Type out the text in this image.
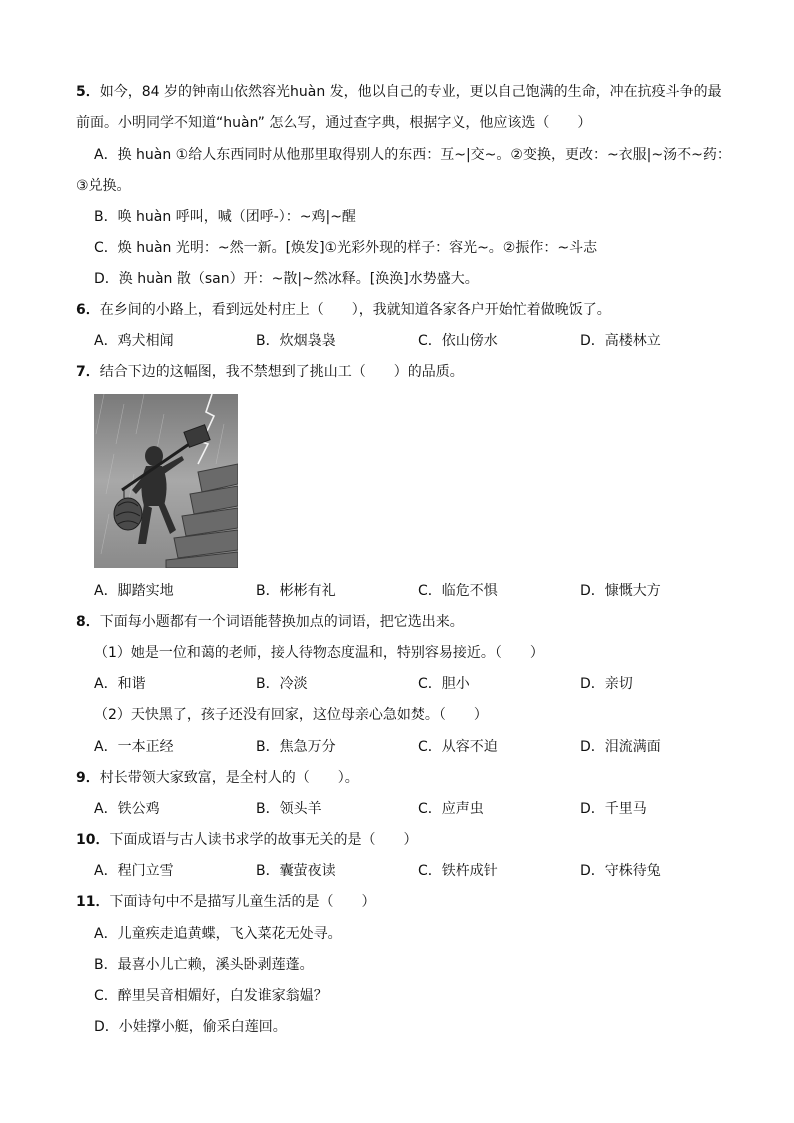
5．如今，84 岁的钟南山依然容光huàn 发，他以自己的专业，更以自己饱满的生命，冲在抗疫斗争的最
前面。小明同学不知道“huàn” 怎么写，通过查字典，根据字义，他应该选（　　）
A．换 huàn ①给人东西同时从他那里取得别人的东西：互~|交~。②变换，更改：~衣服|~汤不~药：
③兑换。
B．唤 huàn 呼叫，喊（团呼-）：~鸡|~醒
C．焕 huàn 光明：~然一新。[焕发]①光彩外现的样子：容光~。②振作：~斗志
D．涣 huàn 散（san）开：~散|~然冰释。[涣涣]水势盛大。
6．在乡间的小路上，看到远处村庄上（　　），我就知道各家各户开始忙着做晚饭了。
A．鸡犬相闻	B．炊烟袅袅	C．依山傍水	D．高楼林立
7．结合下边的这幅图，我不禁想到了挑山工（　　）的品质。
A．脚踏实地	B．彬彬有礼	C．临危不惧	D．慷慨大方
8．下面每小题都有一个词语能替换加点的词语，把它选出来。
（1）她是一位和蔼的老师，接人待物态度温和，特别容易接近。（　　）
A．和谐	B．冷淡	C．胆小	D．亲切
（2）天快黑了，孩子还没有回家，这位母亲心急如焚。（　　）
A．一本正经	B．焦急万分	C．从容不迫	D．泪流满面
9．村长带领大家致富，是全村人的（　　）。
A．铁公鸡	B．领头羊	C．应声虫	D．千里马
10．下面成语与古人读书求学的故事无关的是（　　）
A．程门立雪	B．囊萤夜读	C．铁杵成针	D．守株待兔
11．下面诗句中不是描写儿童生活的是（　　）
A．儿童疾走追黄蝶，飞入菜花无处寻。
B．最喜小儿亡赖，溪头卧剥莲蓬。
C．醉里吴音相媚好，白发谁家翁媪？
D．小娃撑小艇，偷采白莲回。
